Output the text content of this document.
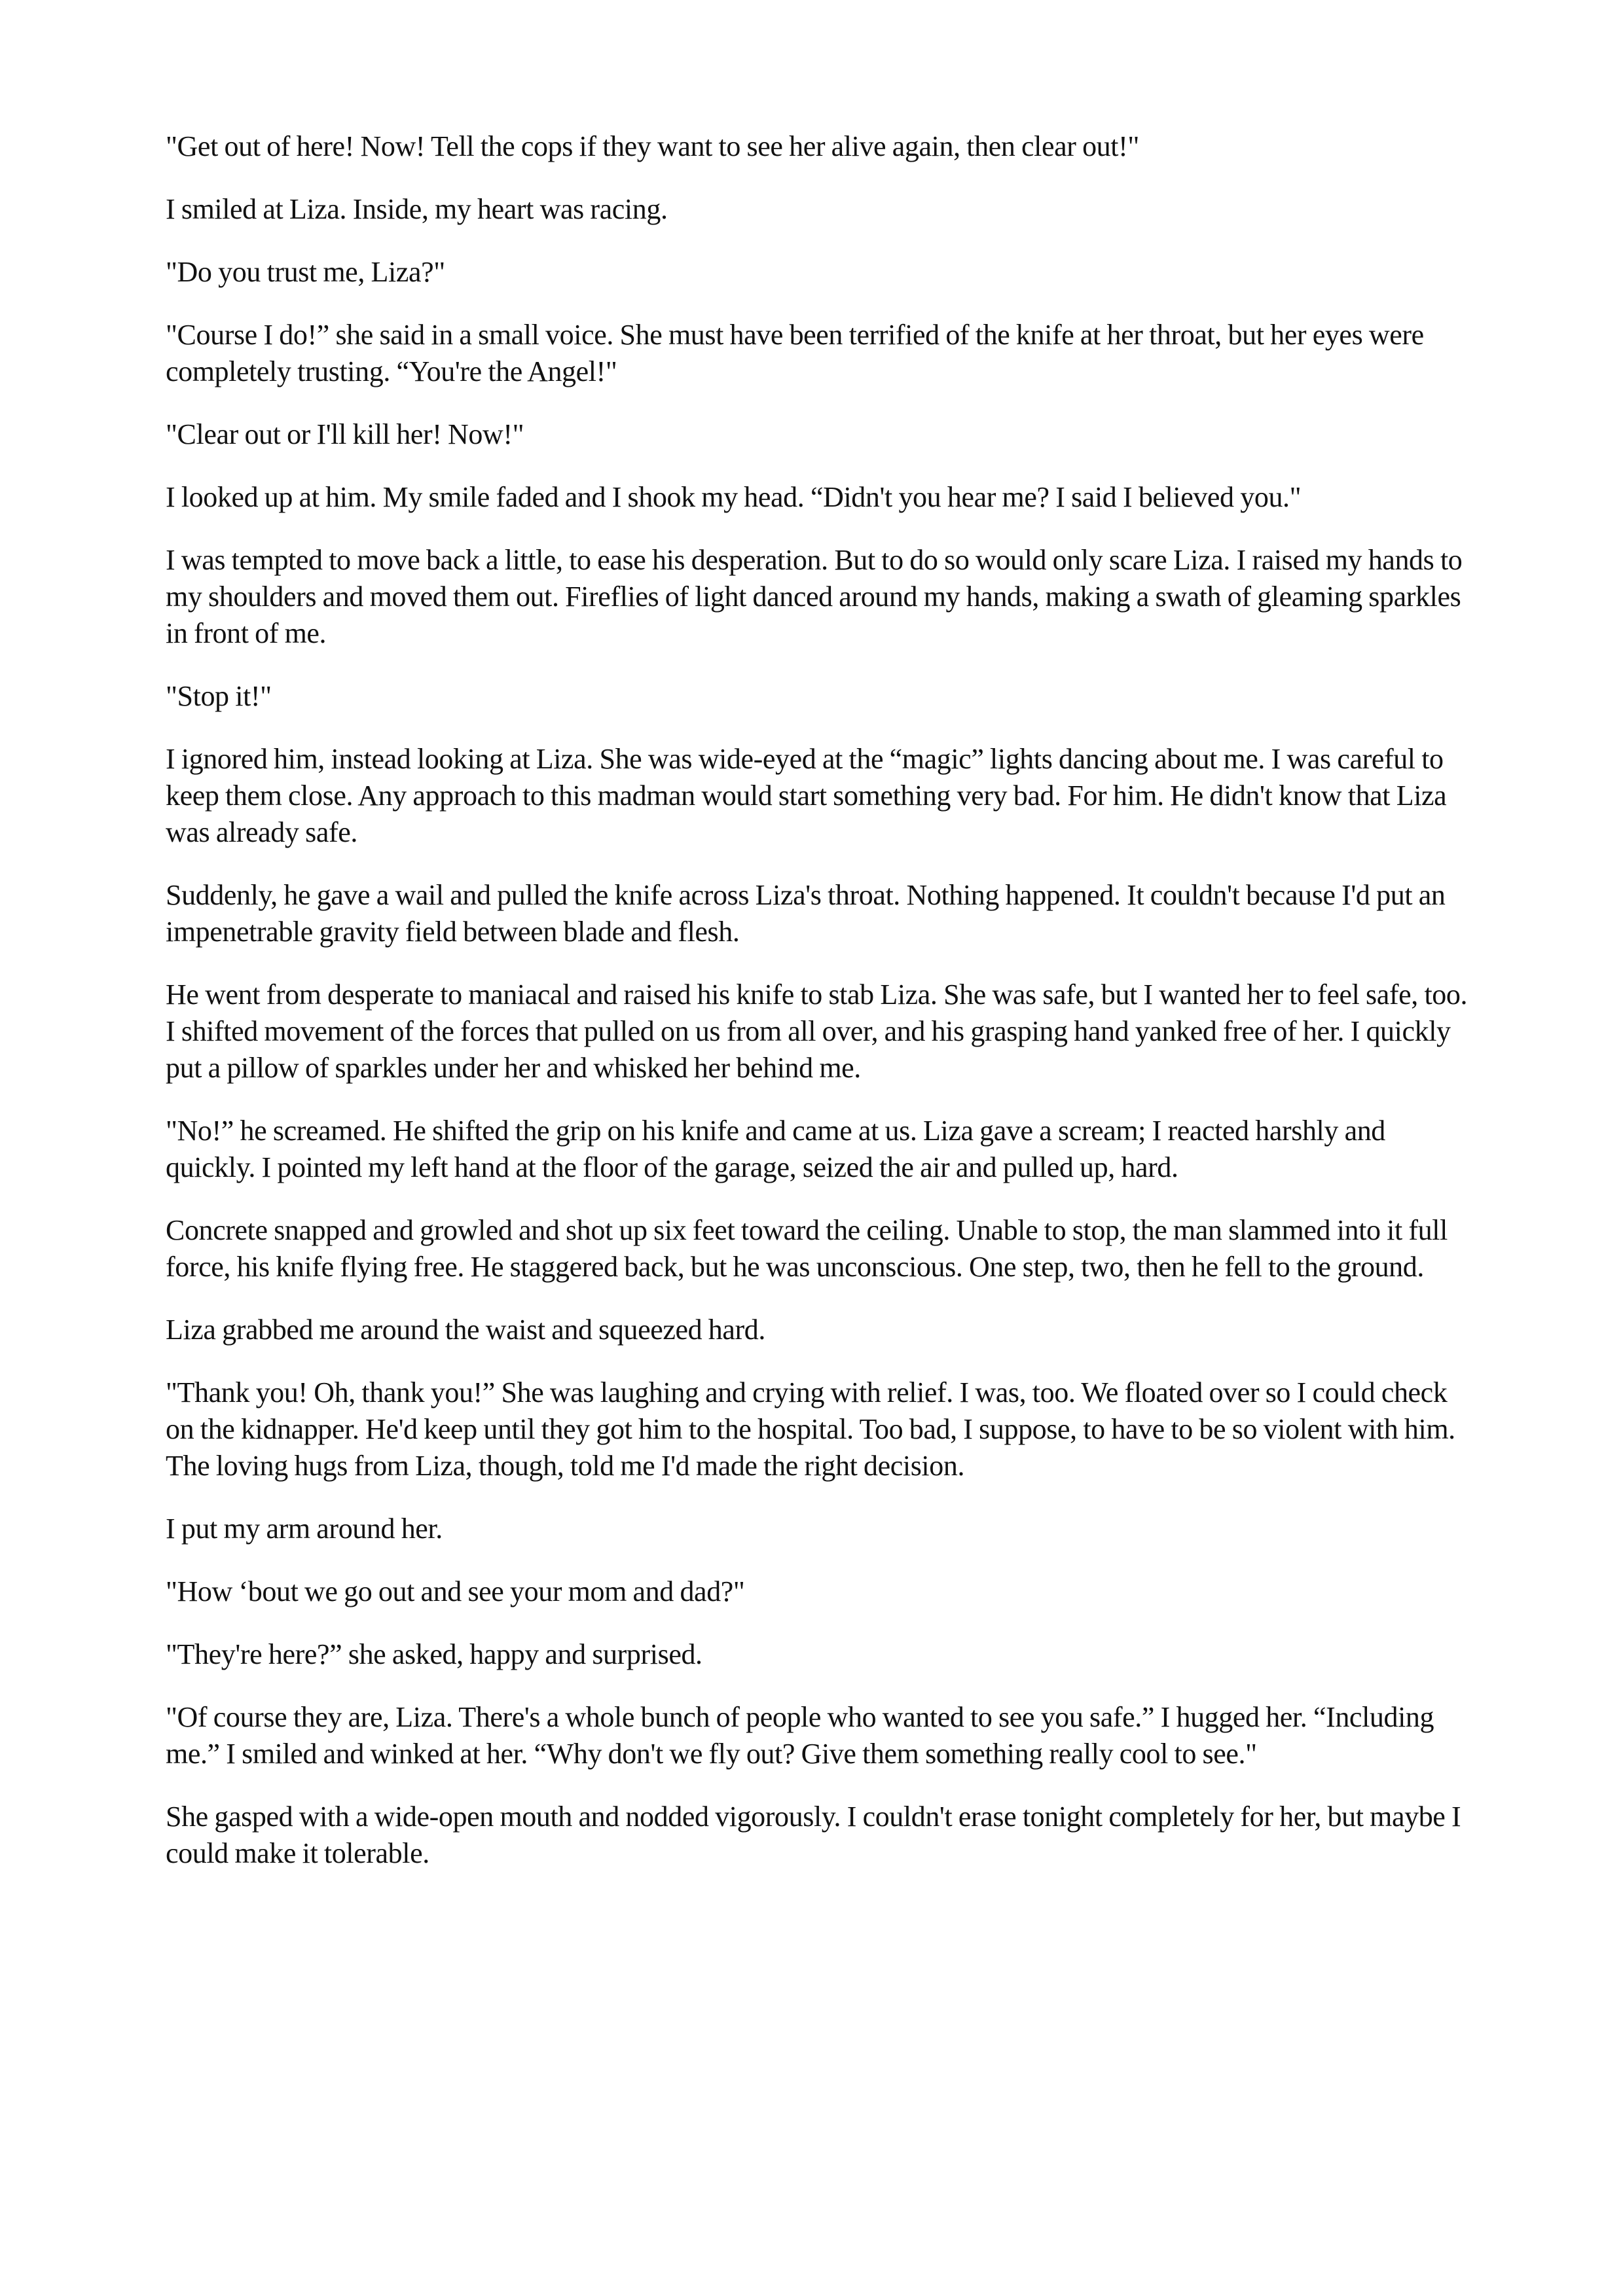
"Get out of here! Now! Tell the cops if they want to see her alive again, then clear out!"

I smiled at Liza. Inside, my heart was racing.

"Do you trust me, Liza?"

"Course I do!” she said in a small voice. She must have been terrified of the knife at her throat, but her eyes were completely trusting. “You're the Angel!"

"Clear out or I'll kill her! Now!"

I looked up at him. My smile faded and I shook my head. “Didn't you hear me? I said I believed you."

I was tempted to move back a little, to ease his desperation. But to do so would only scare Liza. I raised my hands to my shoulders and moved them out. Fireflies of light danced around my hands, making a swath of gleaming sparkles in front of me.

"Stop it!"

I ignored him, instead looking at Liza. She was wide-eyed at the “magic” lights dancing about me. I was careful to keep them close. Any approach to this madman would start something very bad. For him. He didn't know that Liza was already safe.

Suddenly, he gave a wail and pulled the knife across Liza's throat. Nothing happened. It couldn't because I'd put an impenetrable gravity field between blade and flesh.

He went from desperate to maniacal and raised his knife to stab Liza. She was safe, but I wanted her to feel safe, too. I shifted movement of the forces that pulled on us from all over, and his grasping hand yanked free of her. I quickly put a pillow of sparkles under her and whisked her behind me.

"No!” he screamed. He shifted the grip on his knife and came at us. Liza gave a scream; I reacted harshly and quickly. I pointed my left hand at the floor of the garage, seized the air and pulled up, hard.

Concrete snapped and growled and shot up six feet toward the ceiling. Unable to stop, the man slammed into it full force, his knife flying free. He staggered back, but he was unconscious. One step, two, then he fell to the ground.

Liza grabbed me around the waist and squeezed hard.

"Thank you! Oh, thank you!” She was laughing and crying with relief. I was, too. We floated over so I could check on the kidnapper. He'd keep until they got him to the hospital. Too bad, I suppose, to have to be so violent with him. The loving hugs from Liza, though, told me I'd made the right decision.

I put my arm around her.

"How ‘bout we go out and see your mom and dad?"

"They're here?” she asked, happy and surprised.

"Of course they are, Liza. There's a whole bunch of people who wanted to see you safe.” I hugged her. “Including me.” I smiled and winked at her. “Why don't we fly out? Give them something really cool to see."

She gasped with a wide-open mouth and nodded vigorously. I couldn't erase tonight completely for her, but maybe I could make it tolerable.
